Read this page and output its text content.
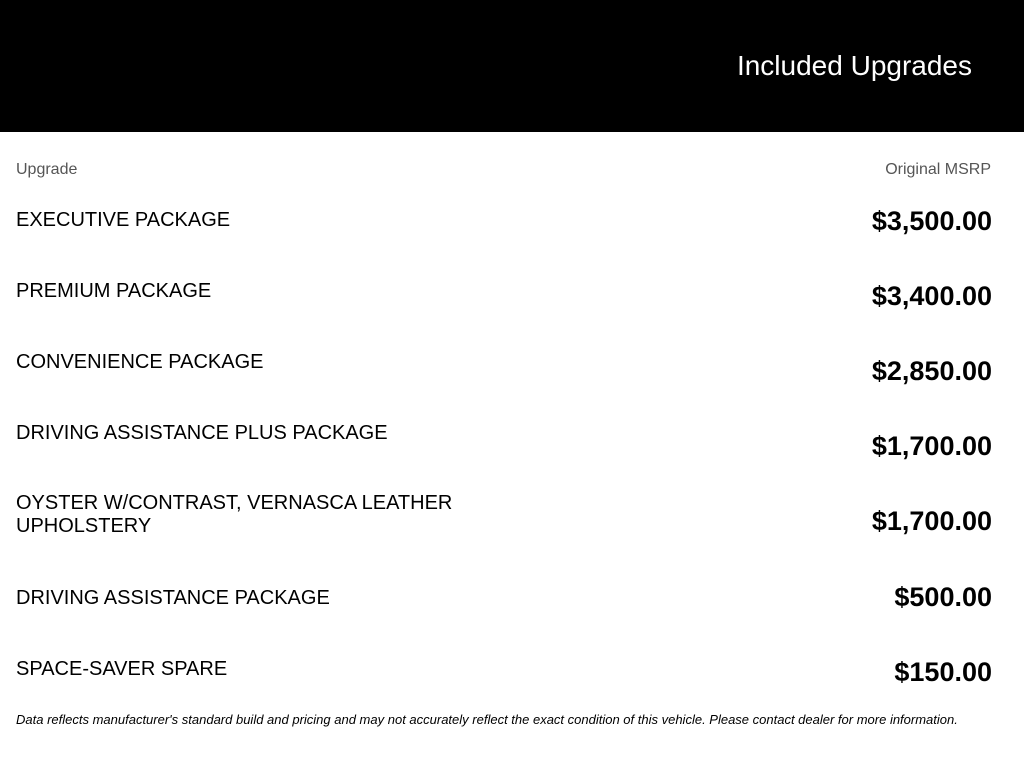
Included Upgrades
Upgrade	Original MSRP
EXECUTIVE PACKAGE	$3,500.00
PREMIUM PACKAGE	$3,400.00
CONVENIENCE PACKAGE	$2,850.00
DRIVING ASSISTANCE PLUS PACKAGE	$1,700.00
OYSTER W/CONTRAST, VERNASCA LEATHER UPHOLSTERY	$1,700.00
DRIVING ASSISTANCE PACKAGE	$500.00
SPACE-SAVER SPARE	$150.00
Data reflects manufacturer's standard build and pricing and may not accurately reflect the exact condition of this vehicle. Please contact dealer for more information.
